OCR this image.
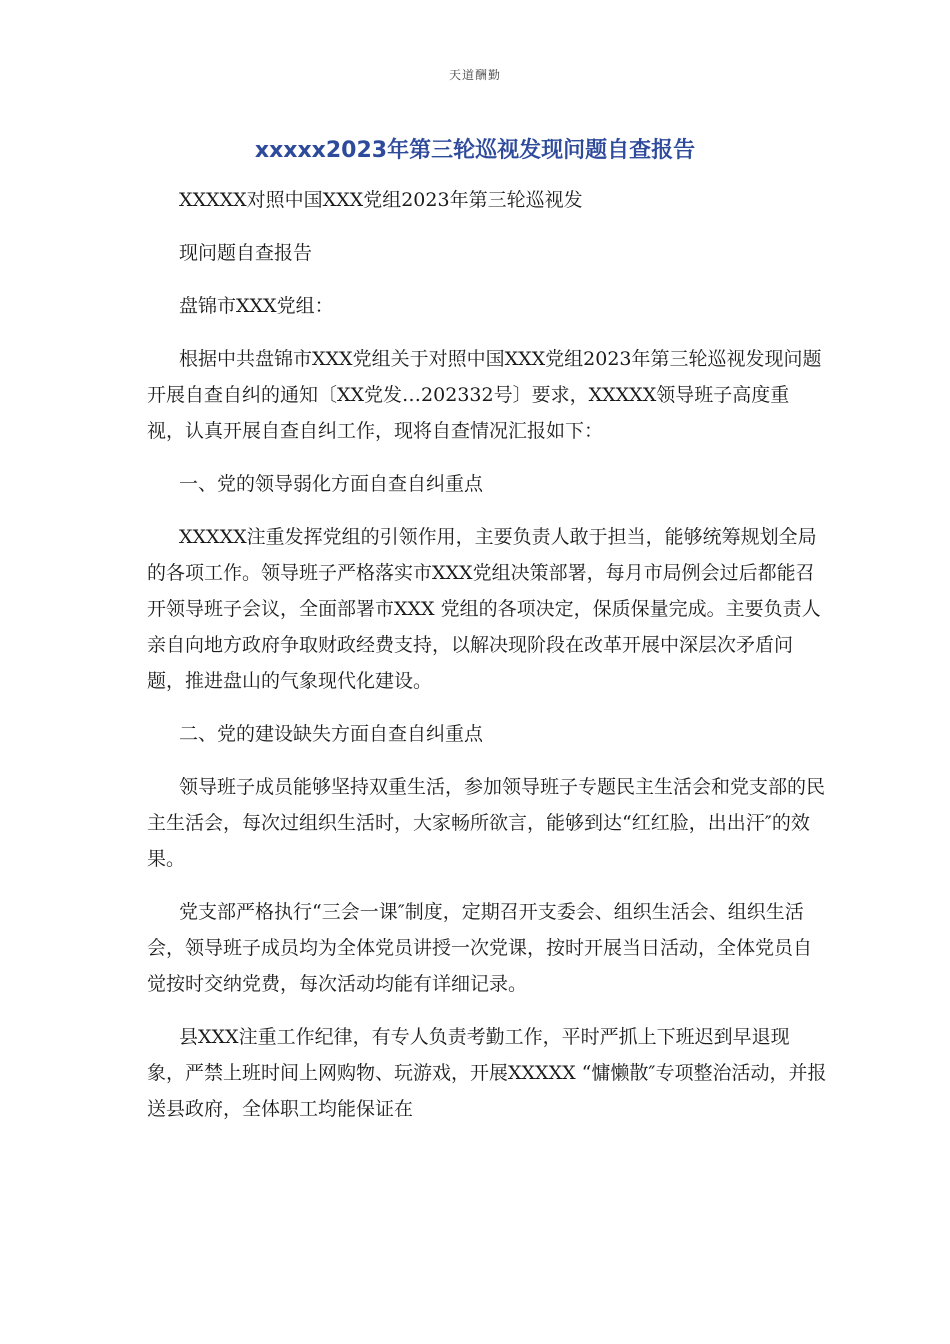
天道酬勤
xxxxx2023年第三轮巡视发现问题自查报告

XXXXX对照中国XXX党组2023年第三轮巡视发

现问题自查报告

盘锦市XXX党组：

根据中共盘锦市XXX党组关于对照中国XXX党组2023年第三轮巡视发现问题开展自查自纠的通知〔XX党发…202332号〕要求，XXXXX领导班子高度重视，认真开展自查自纠工作，现将自查情况汇报如下：

一、党的领导弱化方面自查自纠重点

XXXXX注重发挥党组的引领作用，主要负责人敢于担当，能够统筹规划全局的各项工作。领导班子严格落实市XXX党组决策部署，每月市局例会过后都能召开领导班子会议，全面部署市XXX 党组的各项决定，保质保量完成。主要负责人亲自向地方政府争取财政经费支持，以解决现阶段在改革开展中深层次矛盾问题，推进盘山的气象现代化建设。

二、党的建设缺失方面自查自纠重点

领导班子成员能够坚持双重生活，参加领导班子专题民主生活会和党支部的民主生活会，每次过组织生活时，大家畅所欲言，能够到达“红红脸，出出汗″的效果。

党支部严格执行“三会一课″制度，定期召开支委会、组织生活会、组织生活会，领导班子成员均为全体党员讲授一次党课，按时开展当日活动，全体党员自觉按时交纳党费，每次活动均能有详细记录。

县XXX注重工作纪律，有专人负责考勤工作，平时严抓上下班迟到早退现象，严禁上班时间上网购物、玩游戏，开展XXXXX “慵懒散″专项整治活动，并报送县政府，全体职工均能保证在
